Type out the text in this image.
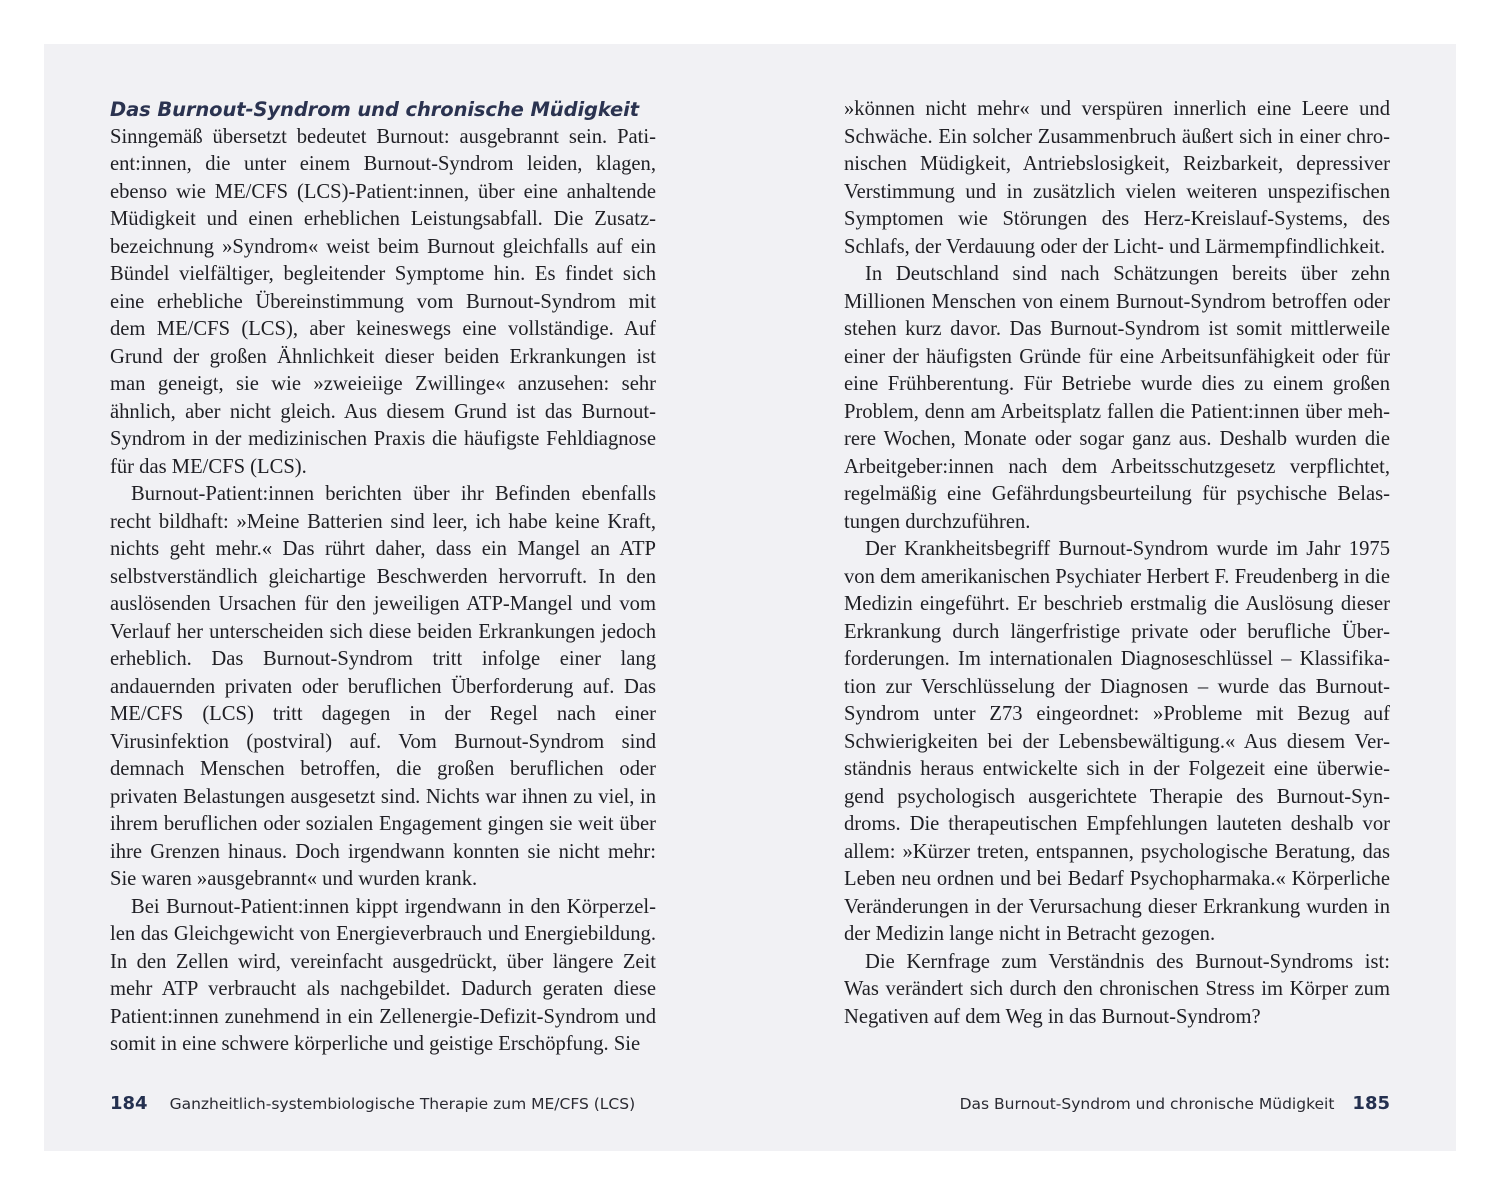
Das Burnout-Syndrom und chronische Müdigkeit

Sinngemäß übersetzt bedeutet Burnout: ausgebrannt sein. Patient:innen, die unter einem Burnout-Syndrom leiden, klagen, ebenso wie ME/CFS (LCS)-Patient:innen, über eine anhaltende Müdigkeit und einen erheblichen Leistungsabfall. Die Zusatzbezeichnung »Syndrom« weist beim Burnout gleichfalls auf ein Bündel vielfältiger, begleitender Symptome hin. Es findet sich eine erhebliche Übereinstimmung vom Burnout-Syndrom mit dem ME/CFS (LCS), aber keineswegs eine vollständige. Auf Grund der großen Ähnlichkeit dieser beiden Erkrankungen ist man geneigt, sie wie »zweieiige Zwillinge« anzusehen: sehr ähnlich, aber nicht gleich. Aus diesem Grund ist das Burnout-Syndrom in der medizinischen Praxis die häufigste Fehldiagnose für das ME/​CFS (LCS).

Burnout-Patient:innen berichten über ihr Befinden ebenfalls recht bildhaft: »Meine Batterien sind leer, ich habe keine Kraft, nichts geht mehr.« Das rührt daher, dass ein Mangel an ATP selbstverständlich gleichartige Beschwerden hervorruft. In den auslösenden Ursachen für den jeweiligen ATP-Mangel und vom Verlauf her unterscheiden sich diese beiden Erkrankungen jedoch erheblich. Das Burnout-Syndrom tritt infolge einer lang andauernden privaten oder beruflichen Überforderung auf. Das ME/CFS (LCS) tritt dagegen in der Regel nach einer Virusinfektion (postviral) auf. Vom Burnout-Syndrom sind demnach Menschen betroffen, die großen beruflichen oder privaten Belastungen ausgesetzt sind. Nichts war ihnen zu viel, in ihrem beruflichen oder sozialen Engagement gingen sie weit über ihre Grenzen hinaus. Doch irgendwann konnten sie nicht mehr: Sie waren »ausgebrannt« und wurden krank.

Bei Burnout-Patient:innen kippt irgendwann in den Körperzellen das Gleichgewicht von Energieverbrauch und Energiebildung. In den Zellen wird, vereinfacht ausgedrückt, über längere Zeit mehr ATP verbraucht als nachgebildet. Dadurch geraten diese Patient:innen zunehmend in ein Zellenergie-Defizit-Syndrom und somit in eine schwere körperliche und geistige Erschöpfung. Sie

»können nicht mehr« und verspüren innerlich eine Leere und Schwäche. Ein solcher Zusammenbruch äußert sich in einer chronischen Müdigkeit, Antriebslosigkeit, Reizbarkeit, depressiver Verstimmung und in zusätzlich vielen weiteren unspezifischen Symptomen wie Störungen des Herz-Kreislauf-Systems, des Schlafs, der Verdauung oder der Licht- und Lärmempfindlichkeit.

In Deutschland sind nach Schätzungen bereits über zehn Millionen Menschen von einem Burnout-Syndrom betroffen oder stehen kurz davor. Das Burnout-Syndrom ist somit mittlerweile einer der häufigsten Gründe für eine Arbeitsunfähigkeit oder für eine Frühberentung. Für Betriebe wurde dies zu einem großen Problem, denn am Arbeitsplatz fallen die Patient:innen über mehrere Wochen, Monate oder sogar ganz aus. Deshalb wurden die Arbeitgeber:innen nach dem Arbeitsschutzgesetz verpflichtet, regelmäßig eine Gefährdungsbeurteilung für psychische Belastungen durchzuführen.

Der Krankheitsbegriff Burnout-Syndrom wurde im Jahr 1975 von dem amerikanischen Psychiater Herbert F. Freudenberg in die Medizin eingeführt. Er beschrieb erstmalig die Auslösung dieser Erkrankung durch längerfristige private oder berufliche Überforderungen. Im internationalen Diagnoseschlüssel – Klassifikation zur Verschlüsselung der Diagnosen – wurde das Burnout-Syndrom unter Z73 eingeordnet: »Probleme mit Bezug auf Schwierigkeiten bei der Lebensbewältigung.« Aus diesem Verständnis heraus entwickelte sich in der Folgezeit eine überwiegend psychologisch ausgerichtete Therapie des Burnout-Syndroms. Die therapeutischen Empfehlungen lauteten deshalb vor allem: »Kürzer treten, entspannen, psychologische Beratung, das Leben neu ordnen und bei Bedarf Psychopharmaka.« Körperliche Veränderungen in der Verursachung dieser Erkrankung wurden in der Medizin lange nicht in Betracht gezogen.

Die Kernfrage zum Verständnis des Burnout-Syndroms ist: Was verändert sich durch den chronischen Stress im Körper zum Negativen auf dem Weg in das Burnout-Syndrom?

184 Ganzheitlich-systembiologische Therapie zum ME/CFS (LCS)	Das Burnout-Syndrom und chronische Müdigkeit 185
